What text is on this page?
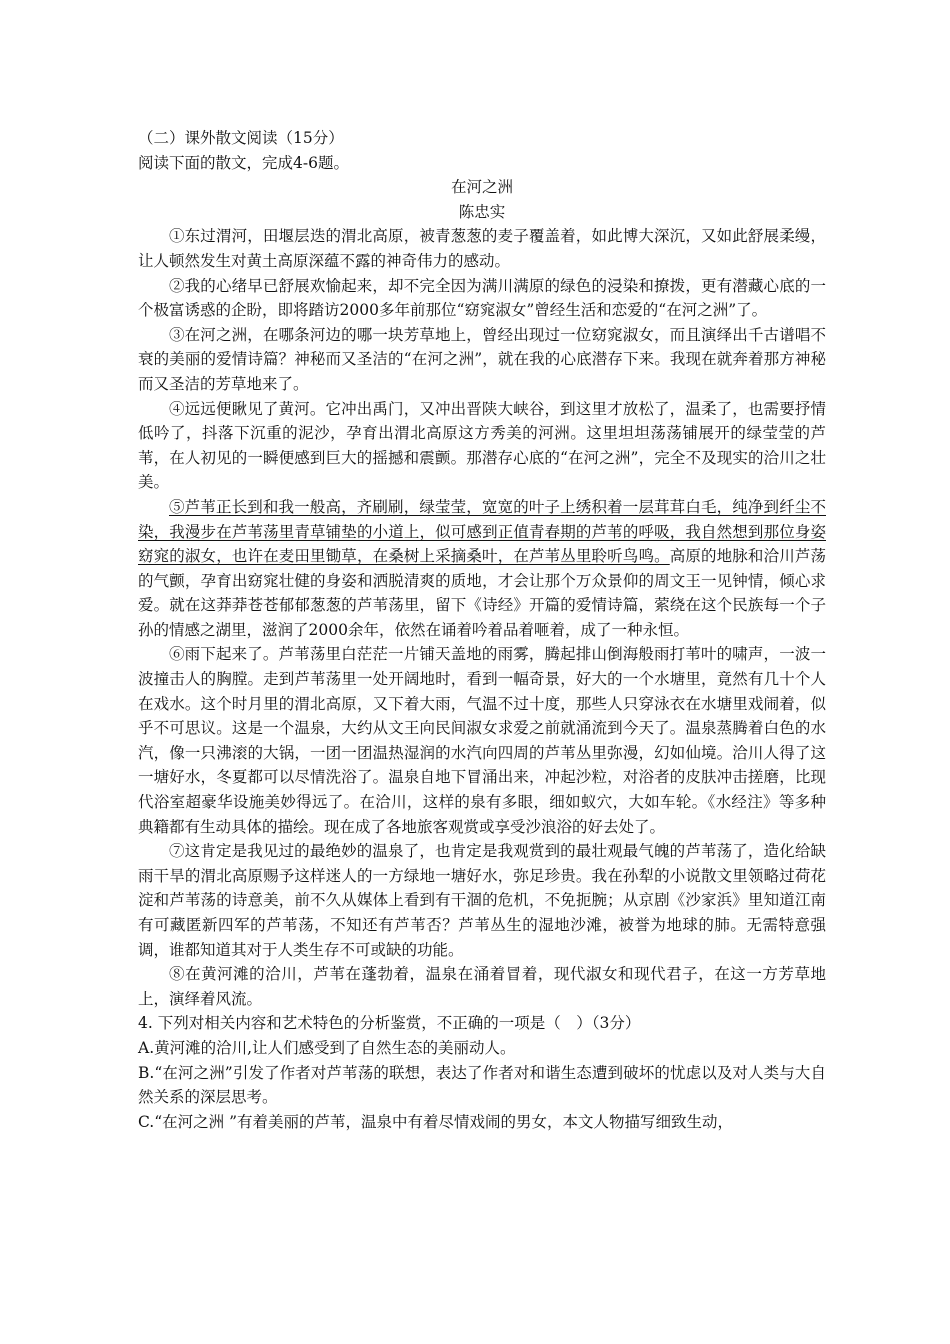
（二）课外散文阅读（15分）
阅读下面的散文，完成4-6题。
在河之洲
陈忠实
①东过渭河，田堰层迭的渭北高原，被青葱葱的麦子覆盖着，如此博大深沉，又如此舒展柔缦，让人顿然发生对黄土高原深蕴不露的神奇伟力的感动。
②我的心绪早已舒展欢愉起来，却不完全因为满川满原的绿色的浸染和撩拨，更有潜藏心底的一个极富诱惑的企盼，即将踏访2000多年前那位“窈窕淑女”曾经生活和恋爱的“在河之洲”了。
③在河之洲，在哪条河边的哪一块芳草地上，曾经出现过一位窈窕淑女，而且演绎出千古谱唱不衰的美丽的爱情诗篇？神秘而又圣洁的“在河之洲”，就在我的心底潜存下来。我现在就奔着那方神秘而又圣洁的芳草地来了。
④远远便瞅见了黄河。它冲出禹门，又冲出晋陕大峡谷，到这里才放松了，温柔了，也需要抒情低吟了，抖落下沉重的泥沙，孕育出渭北高原这方秀美的河洲。这里坦坦荡荡铺展开的绿莹莹的芦苇，在人初见的一瞬便感到巨大的摇撼和震颤。那潜存心底的“在河之洲”，完全不及现实的洽川之壮美。
⑤芦苇正长到和我一般高，齐刷刷，绿莹莹，宽宽的叶子上绣积着一层茸茸白毛，纯净到纤尘不染，我漫步在芦苇荡里青草铺垫的小道上，似可感到正值青春期的芦苇的呼吸，我自然想到那位身姿窈窕的淑女，也许在麦田里锄草，在桑树上采摘桑叶，在芦苇丛里聆听鸟鸣。高原的地脉和洽川芦荡的气颤，孕育出窈窕壮健的身姿和洒脱清爽的质地，才会让那个万众景仰的周文王一见钟情，倾心求爱。就在这莽莽苍苍郁郁葱葱的芦苇荡里，留下《诗经》开篇的爱情诗篇，萦绕在这个民族每一个子孙的情感之湖里，滋润了2000余年，依然在诵着吟着品着咂着，成了一种永恒。
⑥雨下起来了。芦苇荡里白茫茫一片铺天盖地的雨雾，腾起排山倒海般雨打苇叶的啸声，一波一波撞击人的胸膛。走到芦苇荡里一处开阔地时，看到一幅奇景，好大的一个水塘里，竟然有几十个人在戏水。这个时月里的渭北高原，又下着大雨，气温不过十度，那些人只穿泳衣在水塘里戏闹着，似乎不可思议。这是一个温泉，大约从文王向民间淑女求爱之前就涌流到今天了。温泉蒸腾着白色的水汽，像一只沸滚的大锅，一团一团温热湿润的水汽向四周的芦苇丛里弥漫，幻如仙境。洽川人得了这一塘好水，冬夏都可以尽情洗浴了。温泉自地下冒涌出来，冲起沙粒，对浴者的皮肤冲击搓磨，比现代浴室超豪华设施美妙得远了。在洽川，这样的泉有多眼，细如蚁穴，大如车轮。《水经注》等多种典籍都有生动具体的描绘。现在成了各地旅客观赏或享受沙浪浴的好去处了。
⑦这肯定是我见过的最绝妙的温泉了，也肯定是我观赏到的最壮观最气魄的芦苇荡了，造化给缺雨干旱的渭北高原赐予这样迷人的一方绿地一塘好水，弥足珍贵。我在孙犁的小说散文里领略过荷花淀和芦苇荡的诗意美，前不久从媒体上看到有干涸的危机，不免扼腕；从京剧《沙家浜》里知道江南有可藏匿新四军的芦苇荡，不知还有芦苇否？芦苇丛生的湿地沙滩，被誉为地球的肺。无需特意强调，谁都知道其对于人类生存不可或缺的功能。
⑧在黄河滩的洽川，芦苇在蓬勃着，温泉在涌着冒着，现代淑女和现代君子，在这一方芳草地上，演绎着风流。
4. 下列对相关内容和艺术特色的分析鉴赏，不正确的一项是（　）（3分）
A.黄河滩的洽川,让人们感受到了自然生态的美丽动人。
B.“在河之洲”引发了作者对芦苇荡的联想，表达了作者对和谐生态遭到破坏的忧虑以及对人类与大自然关系的深层思考。
C.“在河之洲 ”有着美丽的芦苇，温泉中有着尽情戏闹的男女，本文人物描写细致生动，
